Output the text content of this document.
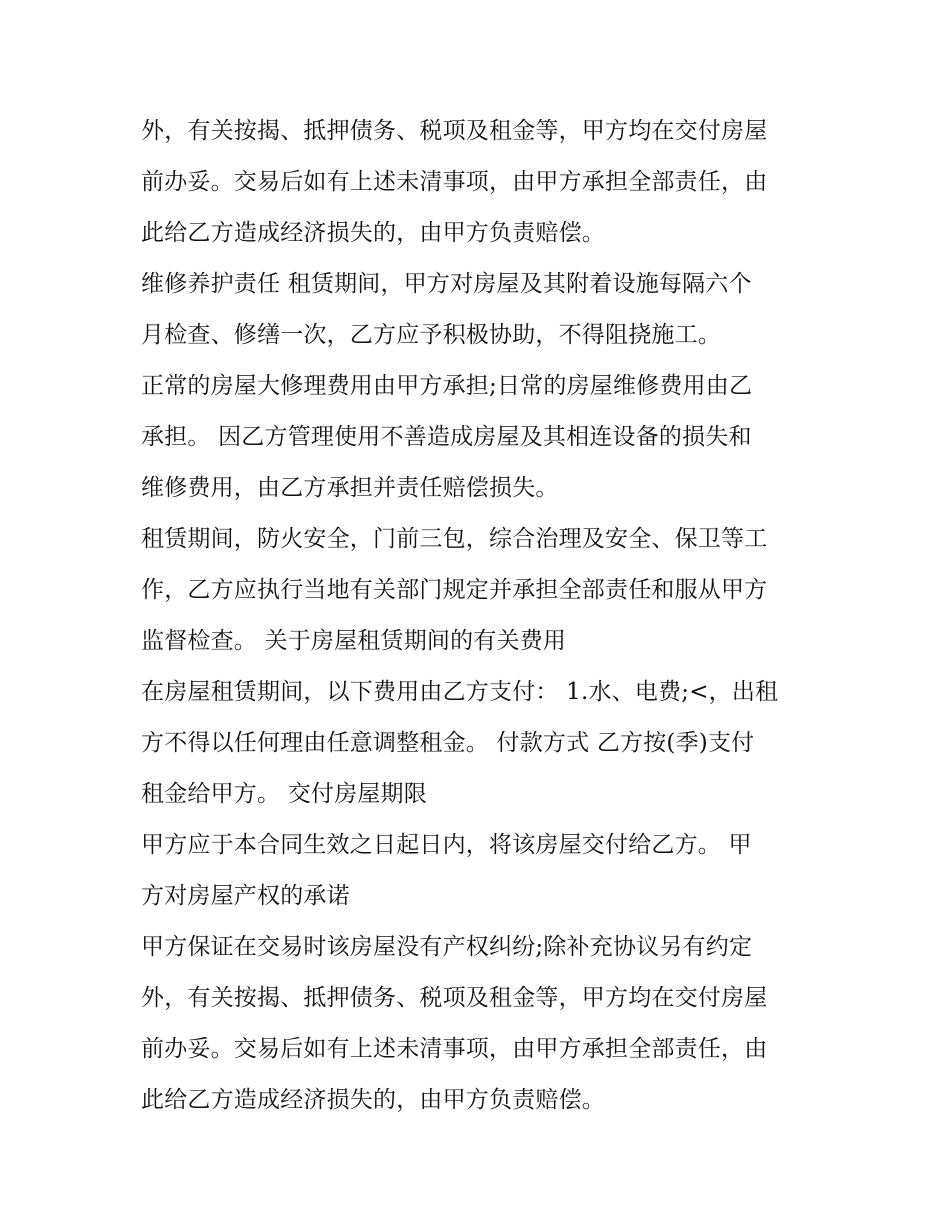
外，有关按揭、抵押债务、税项及租金等，甲方均在交付房屋
前办妥。交易后如有上述未清事项，由甲方承担全部责任，由
此给乙方造成经济损失的，由甲方负责赔偿。
维修养护责任 租赁期间，甲方对房屋及其附着设施每隔六个
月检查、修缮一次，乙方应予积极协助，不得阻挠施工。
正常的房屋大修理费用由甲方承担;日常的房屋维修费用由乙
承担。 因乙方管理使用不善造成房屋及其相连设备的损失和
维修费用，由乙方承担并责任赔偿损失。
租赁期间，防火安全，门前三包，综合治理及安全、保卫等工
作，乙方应执行当地有关部门规定并承担全部责任和服从甲方
监督检查。 关于房屋租赁期间的有关费用
在房屋租赁期间，以下费用由乙方支付： 1.水、电费;<，出租
方不得以任何理由任意调整租金。 付款方式 乙方按(季)支付
租金给甲方。 交付房屋期限
甲方应于本合同生效之日起日内，将该房屋交付给乙方。 甲
方对房屋产权的承诺
甲方保证在交易时该房屋没有产权纠纷;除补充协议另有约定
外，有关按揭、抵押债务、税项及租金等，甲方均在交付房屋
前办妥。交易后如有上述未清事项，由甲方承担全部责任，由
此给乙方造成经济损失的，由甲方负责赔偿。
